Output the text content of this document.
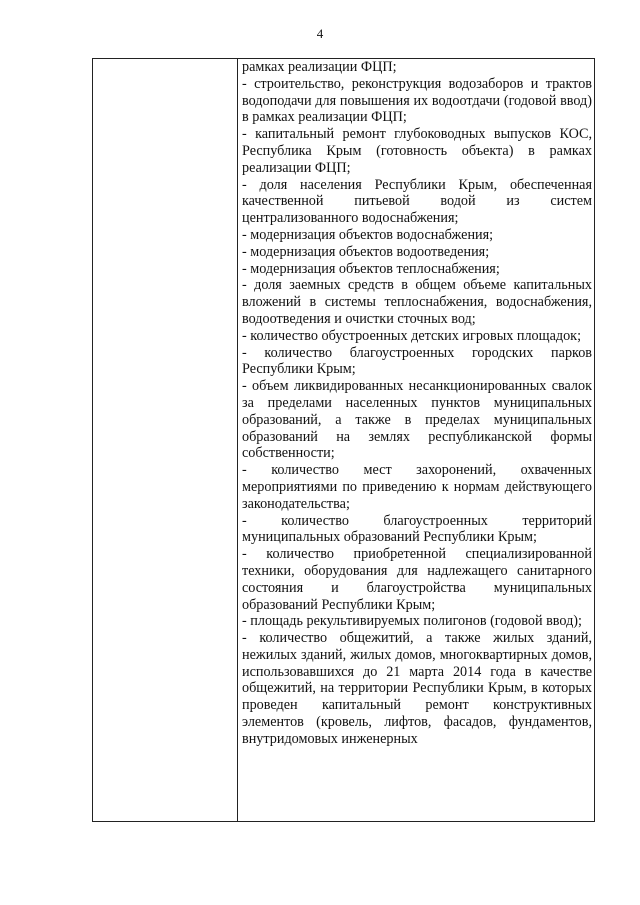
4

рамках реализации ФЦП;

- строительство, реконструкция водозаборов и трактов водоподачи для повышения их водоотдачи (годовой ввод) в рамках реализации ФЦП;

- капитальный ремонт глубоководных выпусков КОС, Республика Крым (готовность объекта) в рамках реализации ФЦП;

- доля населения Республики Крым, обеспеченная качественной питьевой водой из систем централизованного водоснабжения;

- модернизация объектов водоснабжения;

- модернизация объектов водоотведения;

- модернизация объектов теплоснабжения;

- доля заемных средств в общем объеме капитальных вложений в системы теплоснабжения, водоснабжения, водоотведения и очистки сточных вод;

- количество обустроенных детских игровых площадок;

- количество благоустроенных городских парков Республики Крым;

- объем ликвидированных несанкционированных свалок за пределами населенных пунктов муниципальных образований, а также в пределах муниципальных образований на землях республиканской формы собственности;

- количество мест захоронений, охваченных мероприятиями по приведению к нормам действующего законодательства;

- количество благоустроенных территорий муниципальных образований Республики Крым;

- количество приобретенной специализированной техники, оборудования для надлежащего санитарного состояния и благоустройства муниципальных образований Республики Крым;

- площадь рекультивируемых полигонов (годовой ввод);

- количество общежитий, а также жилых зданий, нежилых зданий, жилых домов, многоквартирных домов, использовавшихся до 21 марта 2014 года в качестве общежитий, на территории Республики Крым, в которых проведен капитальный ремонт конструктивных элементов (кровель, лифтов, фасадов, фундаментов, внутридомовых инженерных
